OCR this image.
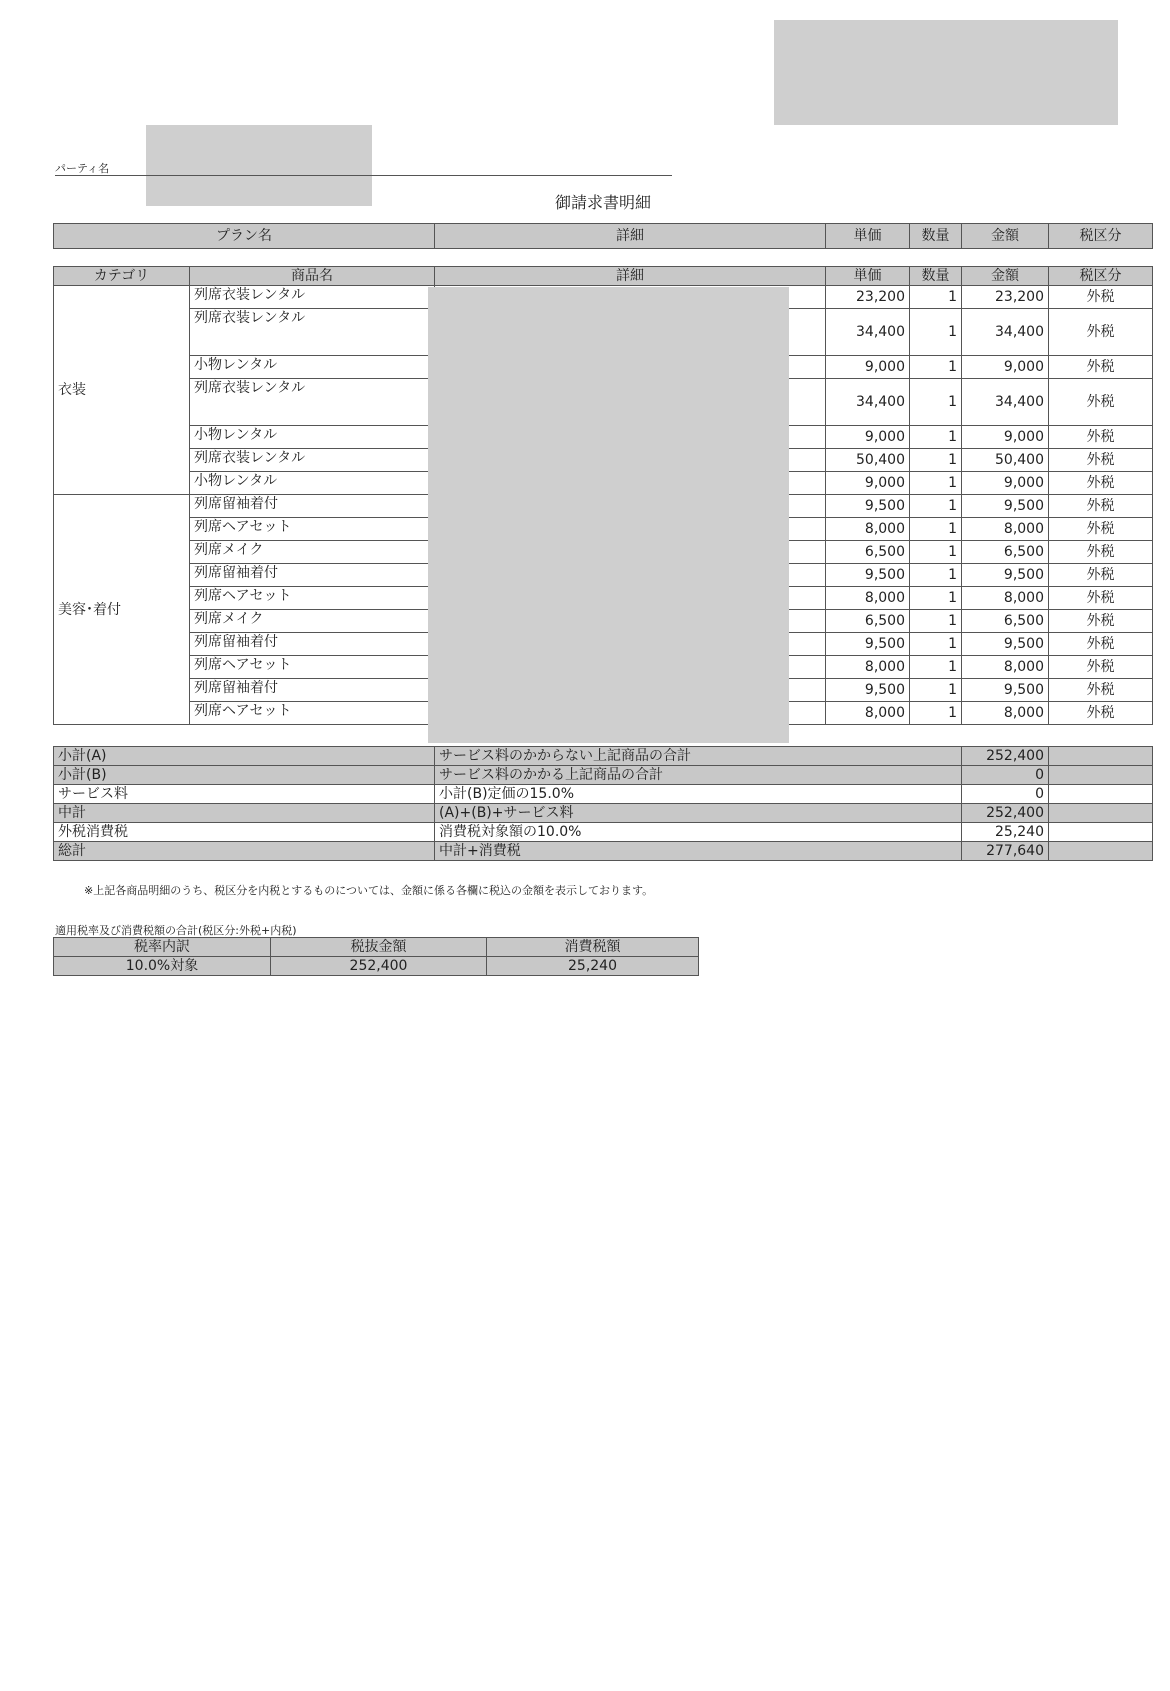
パーティ名
御請求書明細
プラン名	詳細	単価	数量	金額	税区分
カテゴリ	商品名	詳細	単価	数量	金額	税区分
衣装	列席衣装レンタル		23,200	1	23,200	外税
	列席衣装レンタル		34,400	1	34,400	外税
	小物レンタル		9,000	1	9,000	外税
	列席衣装レンタル		34,400	1	34,400	外税
	小物レンタル		9,000	1	9,000	外税
	列席衣装レンタル		50,400	1	50,400	外税
	小物レンタル		9,000	1	9,000	外税
美容･着付	列席留袖着付		9,500	1	9,500	外税
	列席ヘアセット		8,000	1	8,000	外税
	列席メイク		6,500	1	6,500	外税
	列席留袖着付		9,500	1	9,500	外税
	列席ヘアセット		8,000	1	8,000	外税
	列席メイク		6,500	1	6,500	外税
	列席留袖着付		9,500	1	9,500	外税
	列席ヘアセット		8,000	1	8,000	外税
	列席留袖着付		9,500	1	9,500	外税
	列席ヘアセット		8,000	1	8,000	外税
小計(A)	サービス料のかからない上記商品の合計	252,400	
小計(B)	サービス料のかかる上記商品の合計	0	
サービス料	小計(B)定価の15.0%	0	
中計	(A)+(B)+サービス料	252,400	
外税消費税	消費税対象額の10.0%	25,240	
総計	中計+消費税	277,640	
※上記各商品明細のうち、税区分を内税とするものについては、金額に係る各欄に税込の金額を表示しております。
適用税率及び消費税額の合計(税区分:外税+内税)
税率内訳	税抜金額	消費税額
10.0%対象	252,400	25,240
